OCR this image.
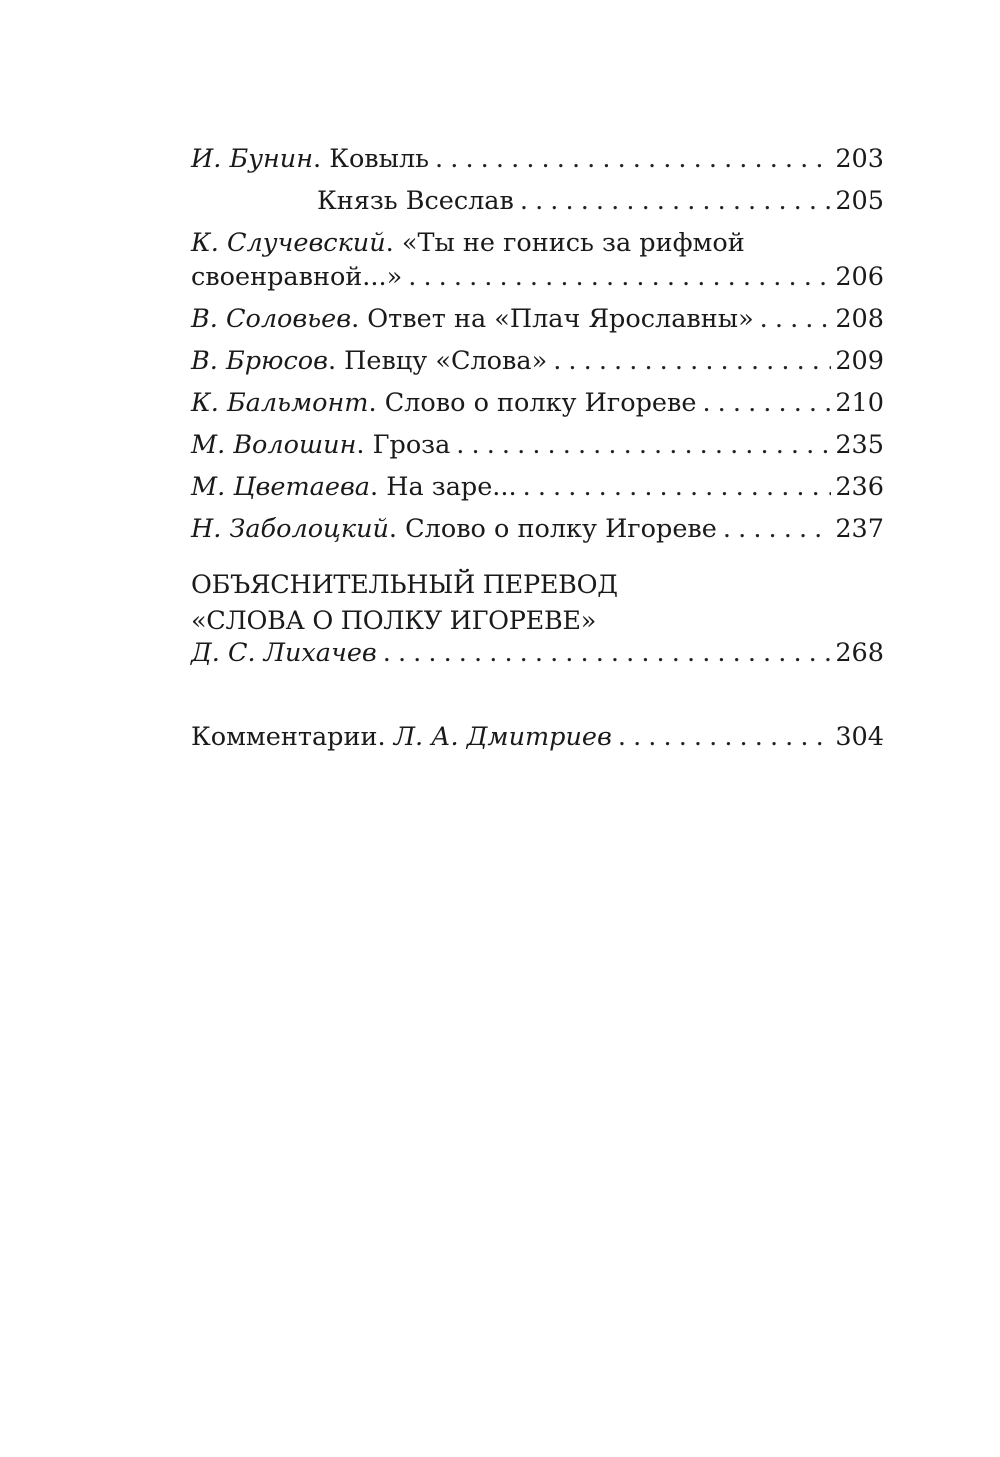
И. Бунин. Ковыль . . .	203
Князь Всеслав . . .	205
К. Случевский. «Ты не гонись за рифмой
своенравной...» . . .	206
В. Соловьев. Ответ на «Плач Ярославны» . . .	208
В. Брюсов. Певцу «Слова» . . .	209
К. Бальмонт. Слово о полку Игореве . . .	210
М. Волошин. Гроза . . .	235
М. Цветаева. На заре... . . .	236
Н. Заболоцкий. Слово о полку Игореве . . .	237
ОБЪЯСНИТЕЛЬНЫЙ ПЕРЕВОД
«СЛОВА О ПОЛКУ ИГОРЕВЕ»
Д. С. Лихачев . . .	268
Комментарии. Л. А. Дмитриев . . .	304
